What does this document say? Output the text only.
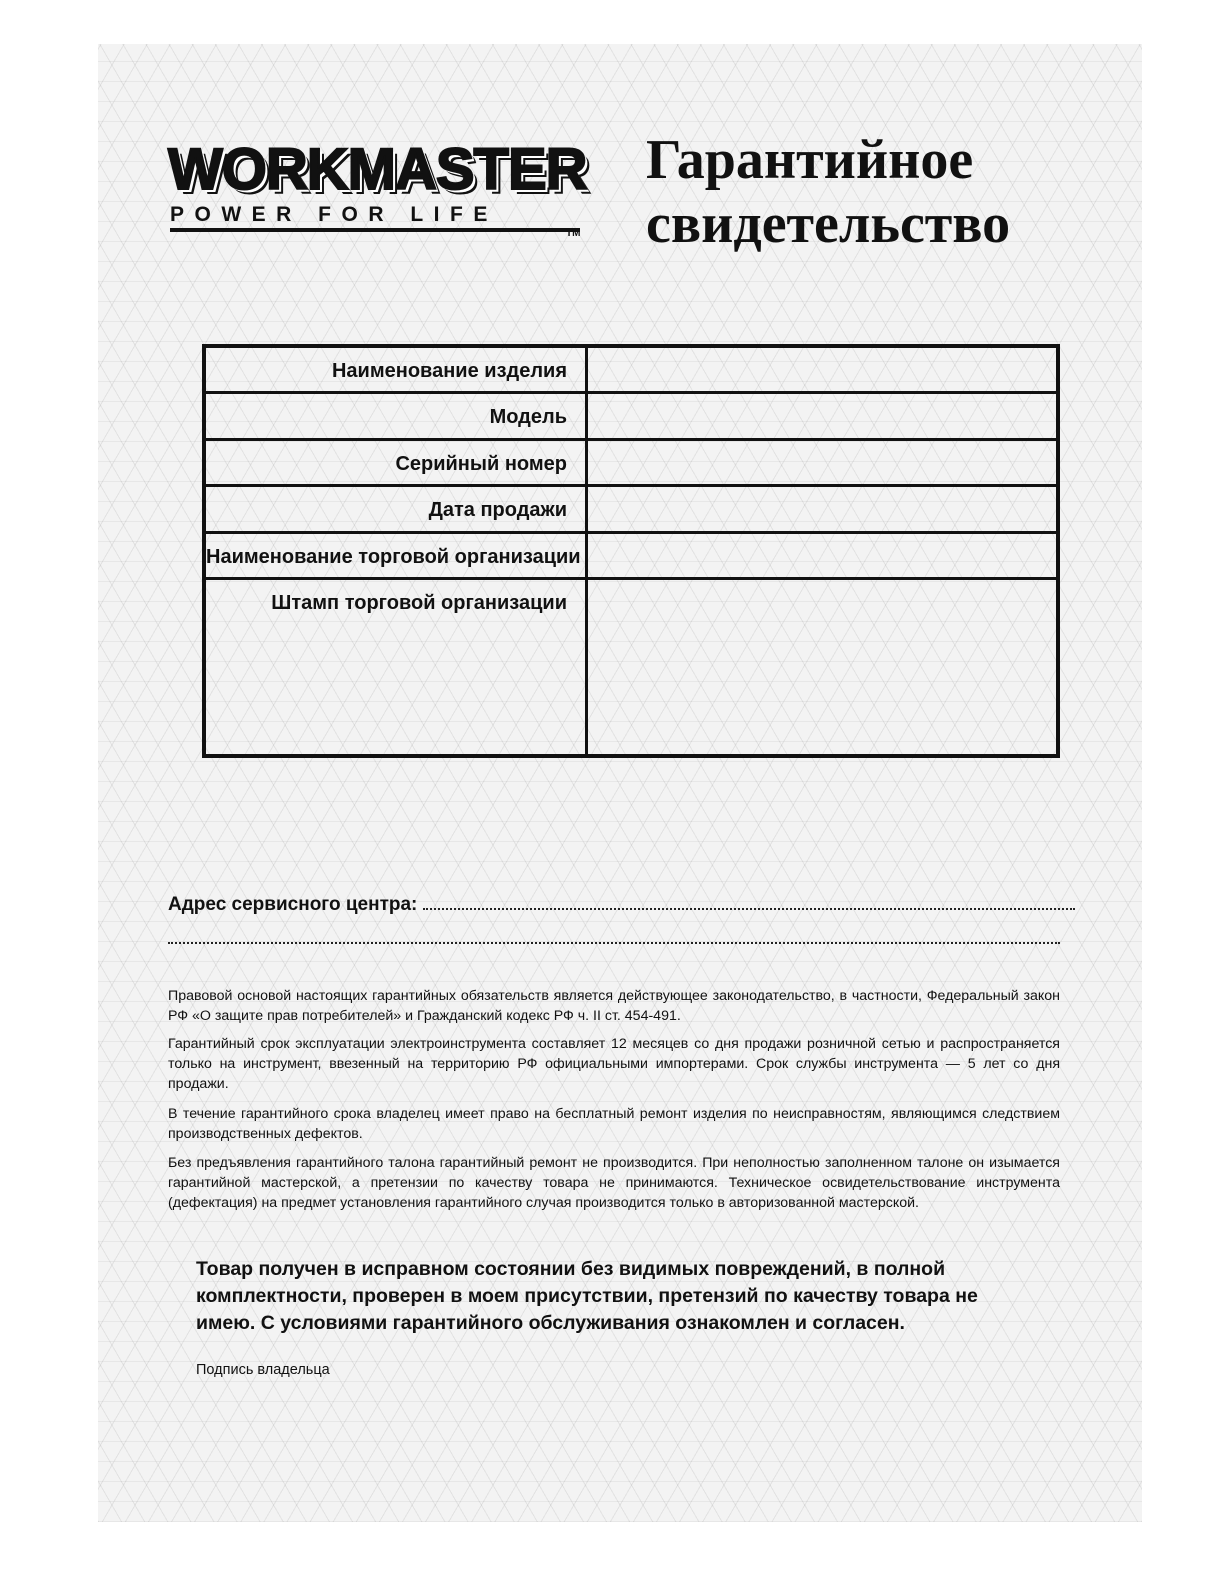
WORKMASTER
POWER FOR LIFE
TM
Гарантийное
свидетельство
Наименование изделия
Модель
Серийный номер
Дата продажи
Наименование торговой организации
Штамп торговой организации
Адрес сервисного центра:
Правовой основой настоящих гарантийных обязательств является действующее законодательство, в частности, Федеральный закон РФ «О защите прав потребителей» и Гражданский кодекс РФ ч. II ст. 454-491.
Гарантийный срок эксплуатации электроинструмента составляет 12 месяцев со дня продажи розничной сетью и распространяется только на инструмент, ввезенный на территорию РФ официальными импортерами. Срок службы инструмента — 5 лет со дня продажи.
В течение гарантийного срока владелец имеет право на бесплатный ремонт изделия по неисправностям, являющимся следствием производственных дефектов.
Без предъявления гарантийного талона гарантийный ремонт не производится. При неполностью заполненном талоне он изымается гарантийной мастерской, а претензии по качеству товара не принимаются. Техническое освидетельствование инструмента (дефектация) на предмет установления гарантийного случая производится только в авторизованной мастерской.
Товар получен в исправном состоянии без видимых повреждений, в полной комплектности, проверен в моем присутствии, претензий по качеству товара не имею. С условиями гарантийного обслуживания ознакомлен и согласен.
Подпись владельца
